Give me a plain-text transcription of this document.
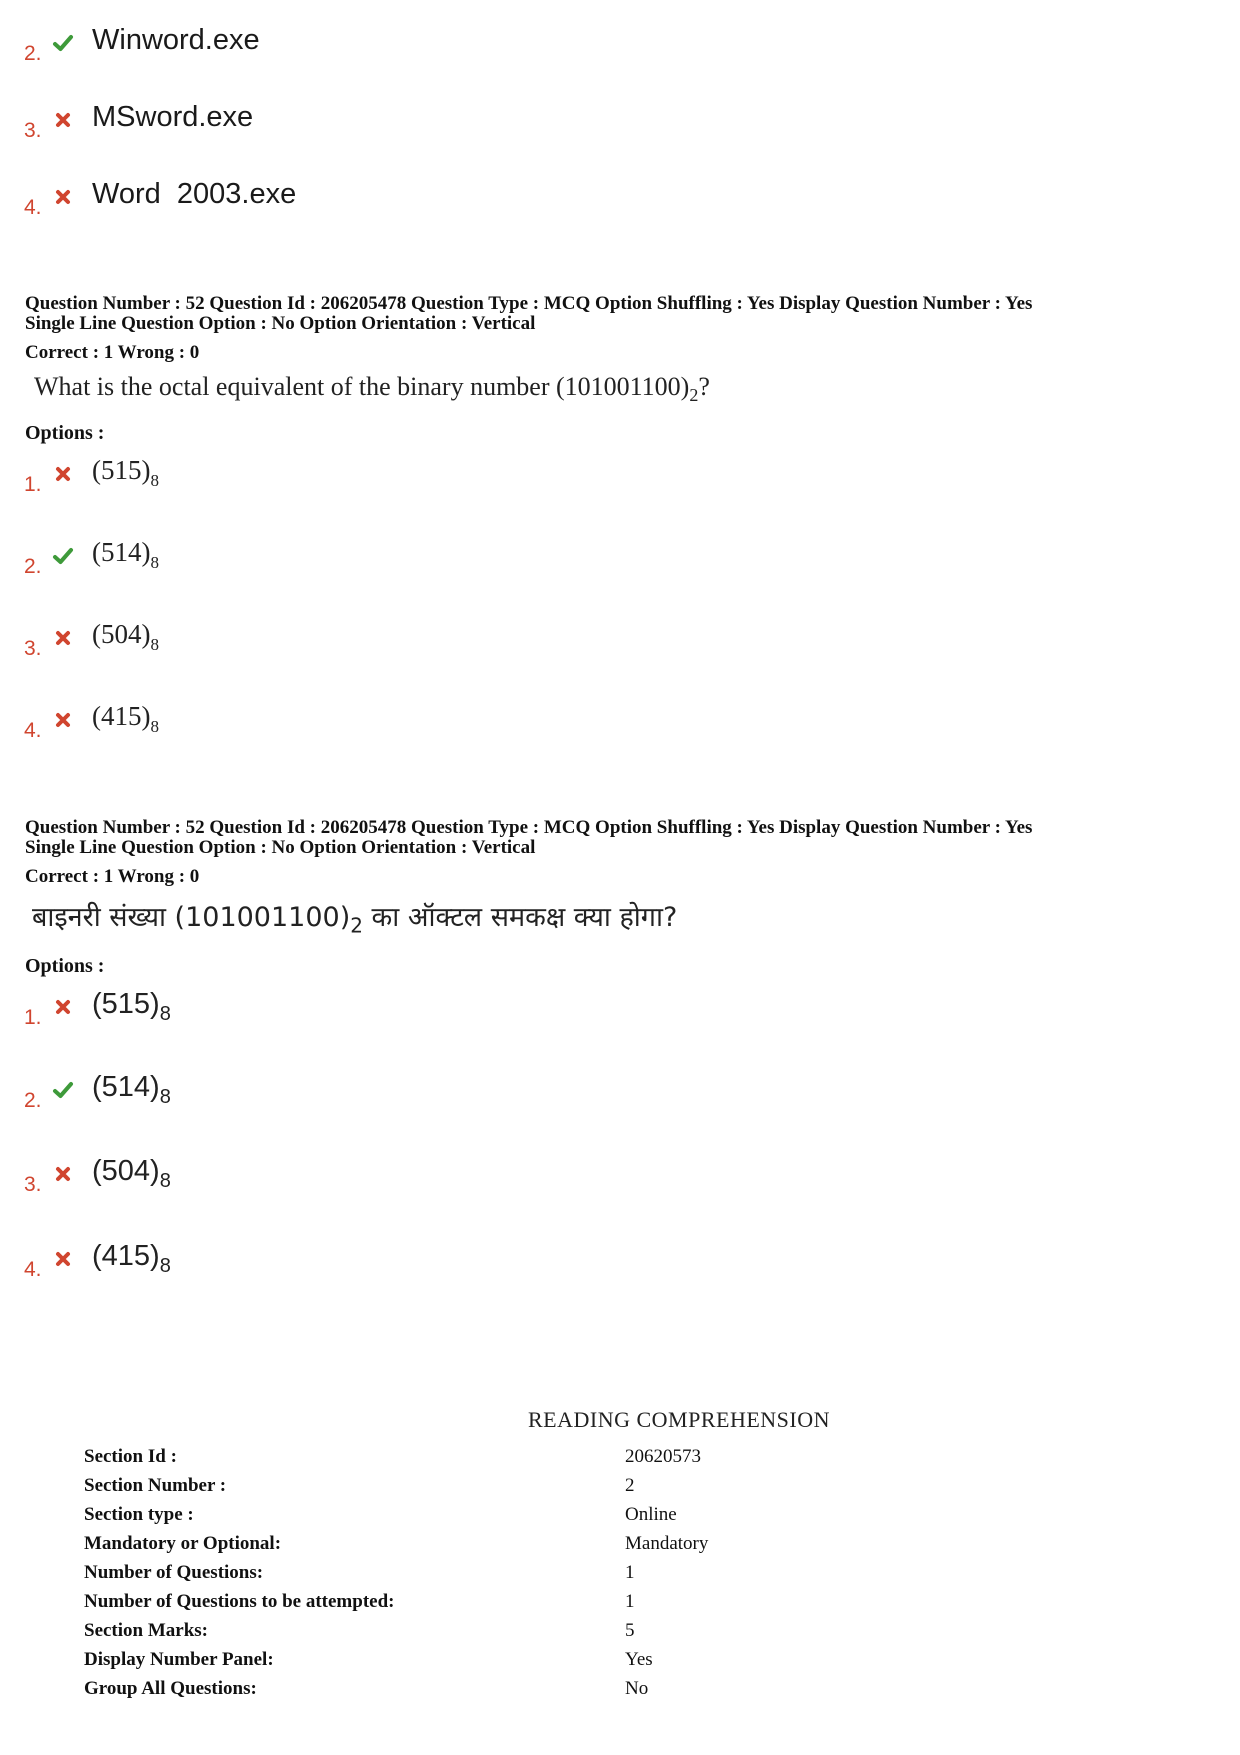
2. Winword.exe
3. MSword.exe
4. Word  2003.exe
Question Number : 52 Question Id : 206205478 Question Type : MCQ Option Shuffling : Yes Display Question Number : Yes
Single Line Question Option : No Option Orientation : Vertical
Correct : 1 Wrong : 0
What is the octal equivalent of the binary number $(101001100)_2$?
Options :
1. $(515)_8$
2. $(514)_8$
3. $(504)_8$
4. $(415)_8$
Question Number : 52 Question Id : 206205478 Question Type : MCQ Option Shuffling : Yes Display Question Number : Yes
Single Line Question Option : No Option Orientation : Vertical
Correct : 1 Wrong : 0
बाइनरी संख्या $(101001100)_2$ का ऑक्टल समकक्ष क्या होगा?
Options :
1. $(515)_8$
2. $(514)_8$
3. $(504)_8$
4. $(415)_8$
READING COMPREHENSION
Section Id :	20620573
Section Number :	2
Section type :	Online
Mandatory or Optional:	Mandatory
Number of Questions:	1
Number of Questions to be attempted:	1
Section Marks:	5
Display Number Panel:	Yes
Group All Questions:	No
